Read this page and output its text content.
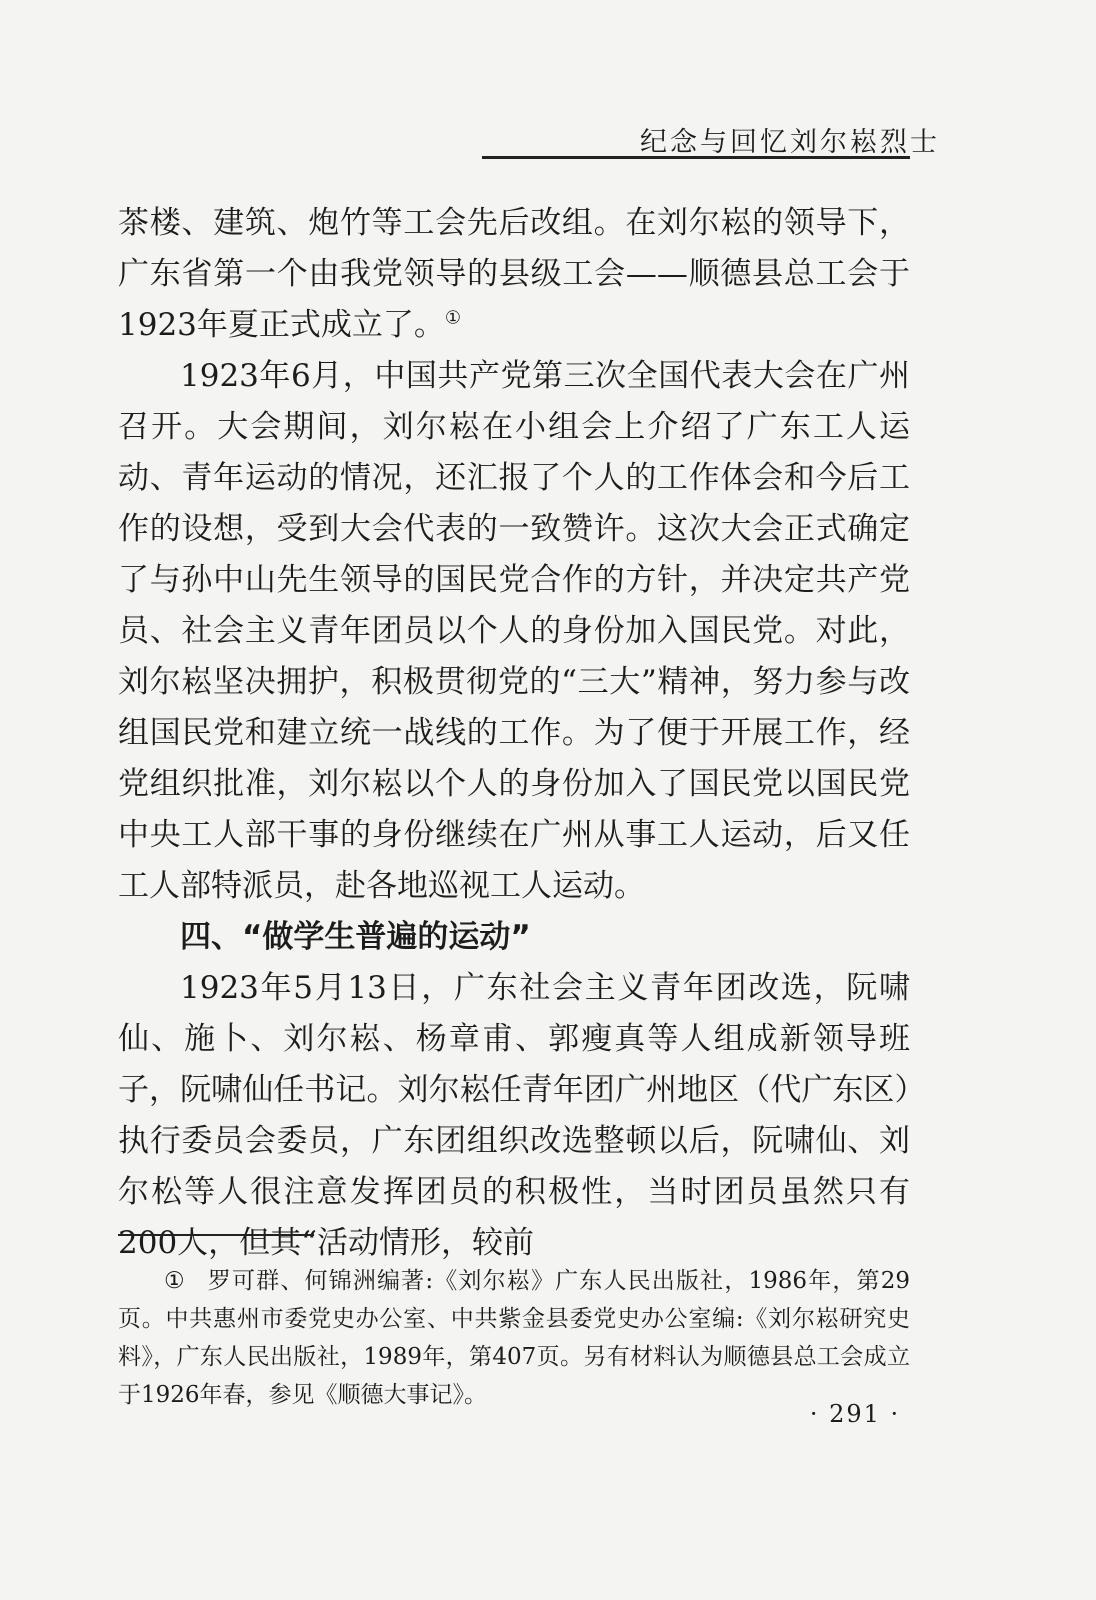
纪念与回忆刘尔崧烈士

茶楼、建筑、炮竹等工会先后改组。在刘尔崧的领导下，广东省第一个由我党领导的县级工会——顺德县总工会于1923年夏正式成立了。①

1923年6月，中国共产党第三次全国代表大会在广州召开。大会期间，刘尔崧在小组会上介绍了广东工人运动、青年运动的情况，还汇报了个人的工作体会和今后工作的设想，受到大会代表的一致赞许。这次大会正式确定了与孙中山先生领导的国民党合作的方针，并决定共产党员、社会主义青年团员以个人的身份加入国民党。对此，刘尔崧坚决拥护，积极贯彻党的“三大”精神，努力参与改组国民党和建立统一战线的工作。为了便于开展工作，经党组织批准，刘尔崧以个人的身份加入了国民党以国民党中央工人部干事的身份继续在广州从事工人运动，后又任工人部特派员，赴各地巡视工人运动。

四、“做学生普遍的运动”

1923年5月13日，广东社会主义青年团改选，阮啸仙、施卜、刘尔崧、杨章甫、郭瘦真等人组成新领导班子，阮啸仙任书记。刘尔崧任青年团广州地区（代广东区）执行委员会委员，广东团组织改选整顿以后，阮啸仙、刘尔松等人很注意发挥团员的积极性，当时团员虽然只有200人，但其“活动情形，较前

① 罗可群、何锦洲编著:《刘尔崧》广东人民出版社，1986年，第29页。中共惠州市委党史办公室、中共紫金县委党史办公室编:《刘尔崧研究史料》，广东人民出版社，1989年，第407页。另有材料认为顺德县总工会成立于1926年春，参见《顺德大事记》。

· 291 ·
